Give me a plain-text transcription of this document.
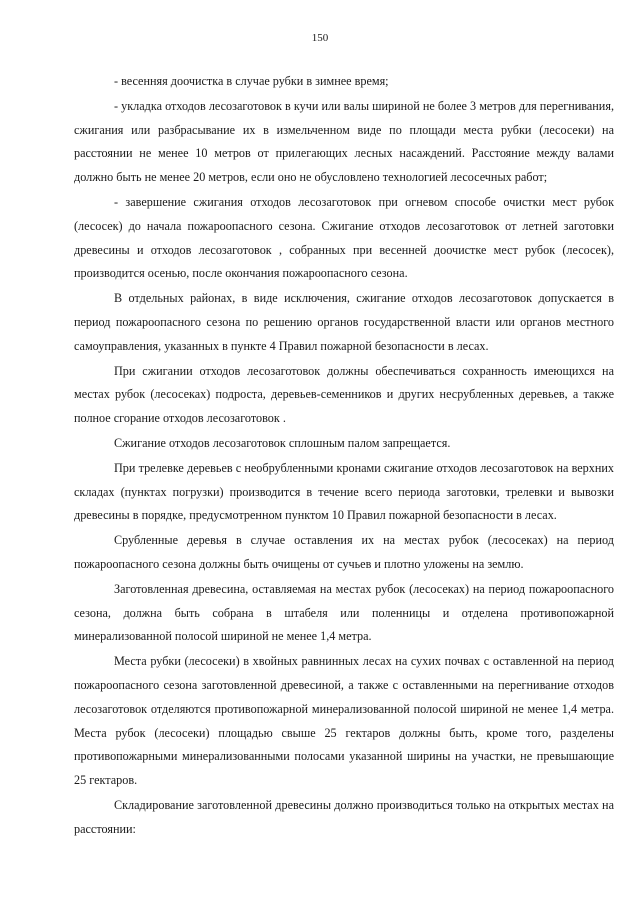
150

- весенняя доочистка в случае рубки в зимнее время;

- укладка отходов лесозаготовок в кучи или валы шириной не более 3 метров для перегнивания, сжигания или разбрасывание их в измельченном виде по площади места рубки (лесосеки) на расстоянии не менее 10 метров от прилегающих лесных насаждений. Расстояние между валами должно быть не менее 20 метров, если оно не обусловлено технологией лесосечных работ;

- завершение сжигания отходов лесозаготовок при огневом способе очистки мест рубок (лесосек) до начала пожароопасного сезона. Сжигание отходов лесозаготовок от летней заготовки древесины и отходов лесозаготовок , собранных при весенней доочистке мест рубок (лесосек), производится осенью, после окончания пожароопасного сезона.

В отдельных районах, в виде исключения, сжигание отходов лесозаготовок допускается в период пожароопасного сезона по решению органов государственной власти или органов местного самоуправления, указанных в пункте 4 Правил пожарной безопасности в лесах.

При сжигании отходов лесозаготовок должны обеспечиваться сохранность имеющихся на местах рубок (лесосеках) подроста, деревьев-семенников и других несрубленных деревьев, а также полное сгорание отходов лесозаготовок .

Сжигание отходов лесозаготовок сплошным палом запрещается.

При трелевке деревьев с необрубленными кронами сжигание отходов лесозаготовок на верхних складах (пунктах погрузки) производится в течение всего периода заготовки, трелевки и вывозки древесины в порядке, предусмотренном пунктом 10 Правил пожарной безопасности в лесах.

Срубленные деревья в случае оставления их на местах рубок (лесосеках) на период пожароопасного сезона должны быть очищены от сучьев и плотно уложены на землю.

Заготовленная древесина, оставляемая на местах рубок (лесосеках) на период пожароопасного сезона, должна быть собрана в штабеля или поленницы и отделена противопожарной минерализованной полосой шириной не менее 1,4 метра.

Места рубки (лесосеки) в хвойных равнинных лесах на сухих почвах с оставленной на период пожароопасного сезона заготовленной древесиной, а также с оставленными на перегнивание отходов лесозаготовок отделяются противопожарной минерализованной полосой шириной не менее 1,4 метра. Места рубок (лесосеки) площадью свыше 25 гектаров должны быть, кроме того, разделены противопожарными минерализованными полосами указанной ширины на участки, не превышающие 25 гектаров.

Складирование заготовленной древесины должно производиться только на открытых местах на расстоянии:
